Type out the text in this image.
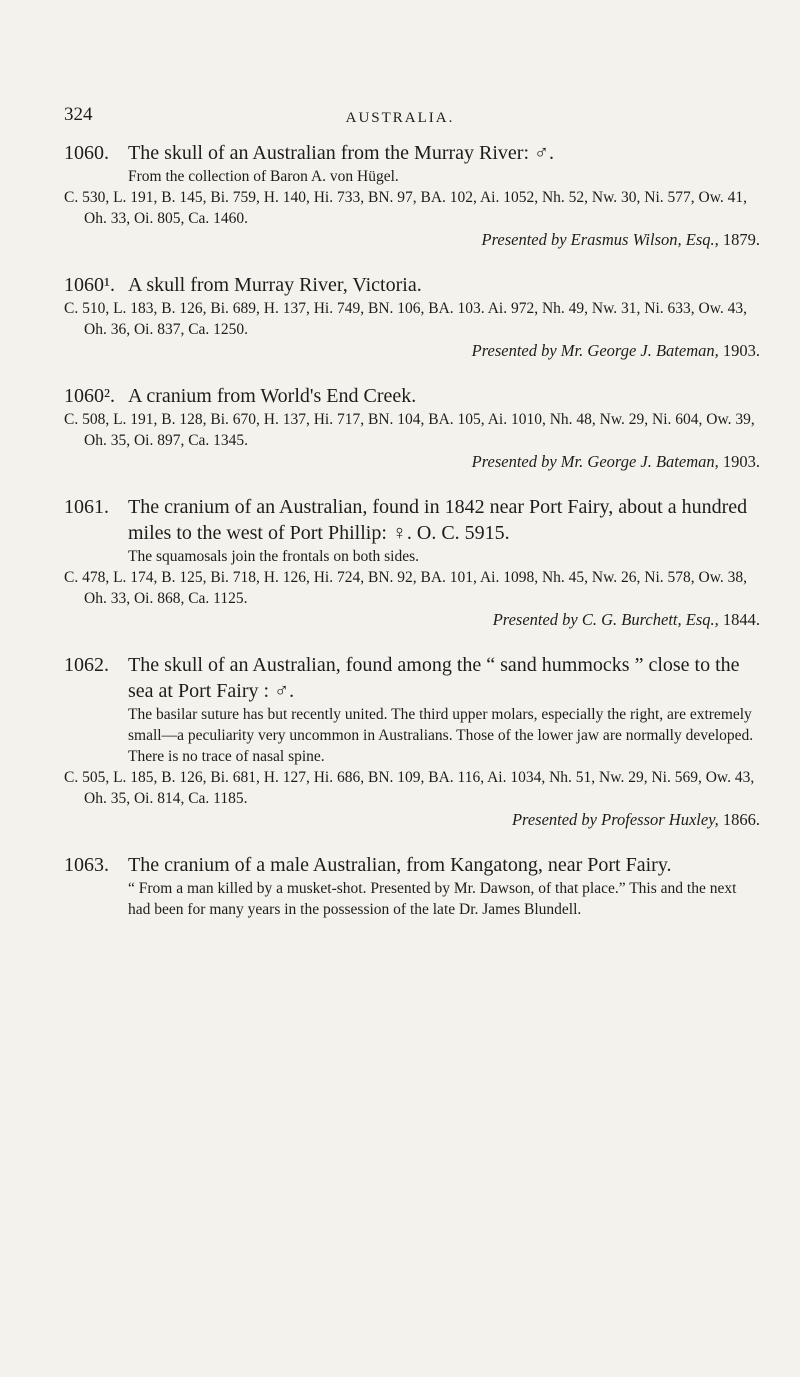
324	AUSTRALIA.
1060. The skull of an Australian from the Murray River: ♂.
From the collection of Baron A. von Hügel.
C. 530, L. 191, B. 145, Bi. 759, H. 140, Hi. 733, BN. 97, BA. 102, Ai. 1052, Nh. 52, Nw. 30, Ni. 577, Ow. 41, Oh. 33, Oi. 805, Ca. 1460.
Presented by Erasmus Wilson, Esq., 1879.
1060¹. A skull from Murray River, Victoria.
C. 510, L. 183, B. 126, Bi. 689, H. 137, Hi. 749, BN. 106, BA. 103. Ai. 972, Nh. 49, Nw. 31, Ni. 633, Ow. 43, Oh. 36, Oi. 837, Ca. 1250.
Presented by Mr. George J. Bateman, 1903.
1060². A cranium from World's End Creek.
C. 508, L. 191, B. 128, Bi. 670, H. 137, Hi. 717, BN. 104, BA. 105, Ai. 1010, Nh. 48, Nw. 29, Ni. 604, Ow. 39, Oh. 35, Oi. 897, Ca. 1345.
Presented by Mr. George J. Bateman, 1903.
1061. The cranium of an Australian, found in 1842 near Port Fairy, about a hundred miles to the west of Port Phillip: ♀. O. C. 5915.
The squamosals join the frontals on both sides.
C. 478, L. 174, B. 125, Bi. 718, H. 126, Hi. 724, BN. 92, BA. 101, Ai. 1098, Nh. 45, Nw. 26, Ni. 578, Ow. 38, Oh. 33, Oi. 868, Ca. 1125.
Presented by C. G. Burchett, Esq., 1844.
1062. The skull of an Australian, found among the “ sand hummocks ” close to the sea at Port Fairy : ♂.
The basilar suture has but recently united. The third upper molars, especially the right, are extremely small—a peculiarity very uncommon in Australians. Those of the lower jaw are normally developed. There is no trace of nasal spine.
C. 505, L. 185, B. 126, Bi. 681, H. 127, Hi. 686, BN. 109, BA. 116, Ai. 1034, Nh. 51, Nw. 29, Ni. 569, Ow. 43, Oh. 35, Oi. 814, Ca. 1185.
Presented by Professor Huxley, 1866.
1063. The cranium of a male Australian, from Kangatong, near Port Fairy.
“ From a man killed by a musket-shot. Presented by Mr. Dawson, of that place.” This and the next had been for many years in the possession of the late Dr. James Blundell.
